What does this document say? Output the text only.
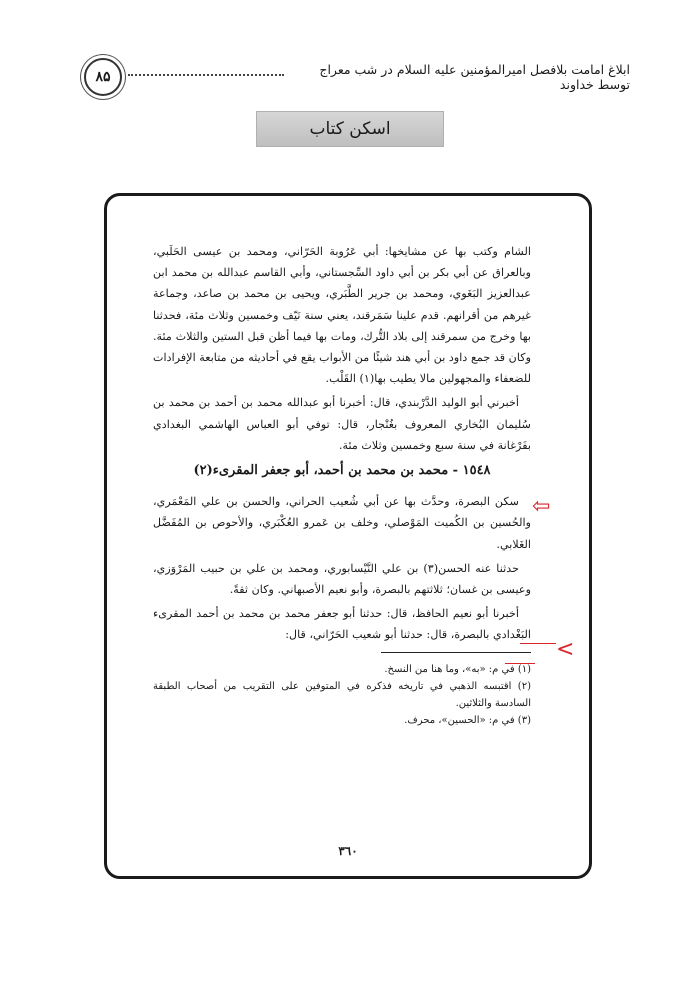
۸۵	ابلاغ امامت بلافصل امیرالمؤمنین علیه السلام در شب معراج توسط خداوند
اسکن کتاب

الشام وكتب بها عن مشايخها: أبي عَرُوبة الحَرّاني، ومحمد بن عيسى الحَلَبي، وبالعراق عن أبي بكر بن أبي داود السِّجستاني، وأبي القاسم عبدالله بن محمد ابن عبدالعزيز البَغَوي، ومحمد بن جرير الطَّبَري، ويحيى بن محمد بن صاعد، وجماعة غيرهم من أقرانهم. قدم علينا سَمَرقند، يعني سنة نَيّف وخمسين وثلاث مئة، فحدثنا بها وخرج من سمرقند إلى بلاد التُّرك، ومات بها فيما أظن قبل الستين والثلاث مئة. وكان قد جمع داود بن أبي هند شيئًا من الأبواب يقع في أحاديثه من متابعة الإفرادات للضعفاء والمجهولين مالا يطيب بها(١) القَلْب.

أخبرني أبو الوليد الدَّرْبندي، قال: أخبرنا أبو عبدالله محمد بن أحمد بن محمد بن سُليمان البُخاري المعروف بغُنْجار، قال: توفي أبو العباس الهاشمي البغدادي بفَرْغانة في سنة سبع وخمسين وثلاث مئة.

١٥٤٨ - محمد بن محمد بن أحمد، أبو جعفر المقرىء(٢)

سكن البصرة، وحدَّث بها عن أبي شُعيب الحراني، والحسن بن علي المَعْمَري، والحُسين بن الكُميت المَوْصلي، وخلف بن عَمرو العُكْبَري، والأحوص بن المُفَضَّل الغَلابي.

حدثنا عنه الحسن(٣) بن علي النَّيْسابوري، ومحمد بن علي بن حبيب المَرْوَزي، وعيسى بن غسان؛ ثلاثتهم بالبصرة، وأبو نعيم الأصبهاني. وكان ثقةً.

أخبرنا أبو نعيم الحافظ، قال: حدثنا أبو جعفر محمد بن محمد بن أحمد المقرىء البَغْدادي بالبصرة، قال: حدثنا أبو شعيب الحَرّاني، قال:

(١) في م: «به»، وما هنا من النسخ.

(٢) اقتبسه الذهبي في تاريخه فذكره في المتوفين على التقريب من أصحاب الطبقة السادسة والثلاثين.

(٣) في م: «الحسين»، محرف.

٣٦٠
⇦
<
